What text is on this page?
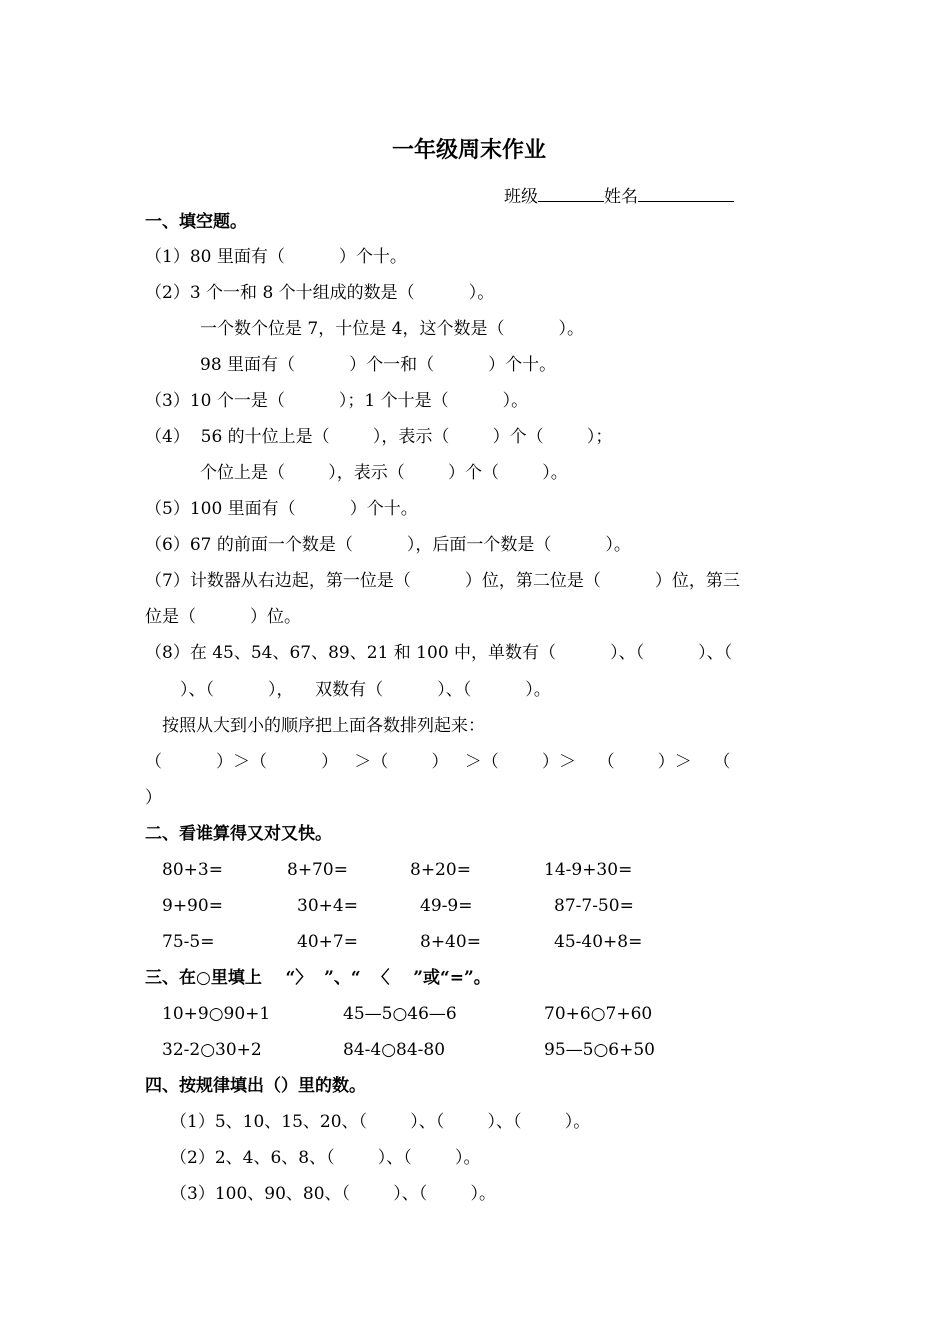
一年级周末作业
班级	姓名
一、填空题。
（1）80 里面有（          ）个十。
（2）3 个一和 8 个十组成的数是（          ）。
一个数个位是 7，十位是 4，这个数是（          ）。
98 里面有（          ）个一和（          ）个十。
（3）10 个一是（          ）；1 个十是（          ）。
（4）  56 的十位上是（        ），表示（        ）个（        ）；
个位上是（        ），表示（        ）个（        ）。
（5）100 里面有（          ）个十。
（6）67 的前面一个数是（          ），后面一个数是（          ）。
（7）计数器从右边起，第一位是（          ）位，第二位是（          ）位，第三
位是（          ）位。
（8）在 45、54、67、89、21 和 100 中，单数有（          ）、（          ）、（
）、（          ），    双数有（          ）、（          ）。
按照从大到小的顺序把上面各数排列起来：
（          ）＞（          ）   ＞（        ）   ＞（        ）＞    （        ）＞    （
）
二、看谁算得又对又快。
80+3=	8+70=	8+20=	14-9+30=
9+90=	30+4=	49-9=	87-7-50=
75-5=	40+7=	8+40=	45-40+8=
三、在○里填上    “〉  ”、“  〈    ”或“=”。
10+9○90+1	45—5○46—6	70+6○7+60
32-2○30+2	84-4○84-80	95—5○6+50
四、按规律填出（）里的数。
（1）5、10、15、20、（        ）、（        ）、（        ）。
（2）2、4、6、8、（        ）、（        ）。
（3）100、90、80、（        ）、（        ）。
